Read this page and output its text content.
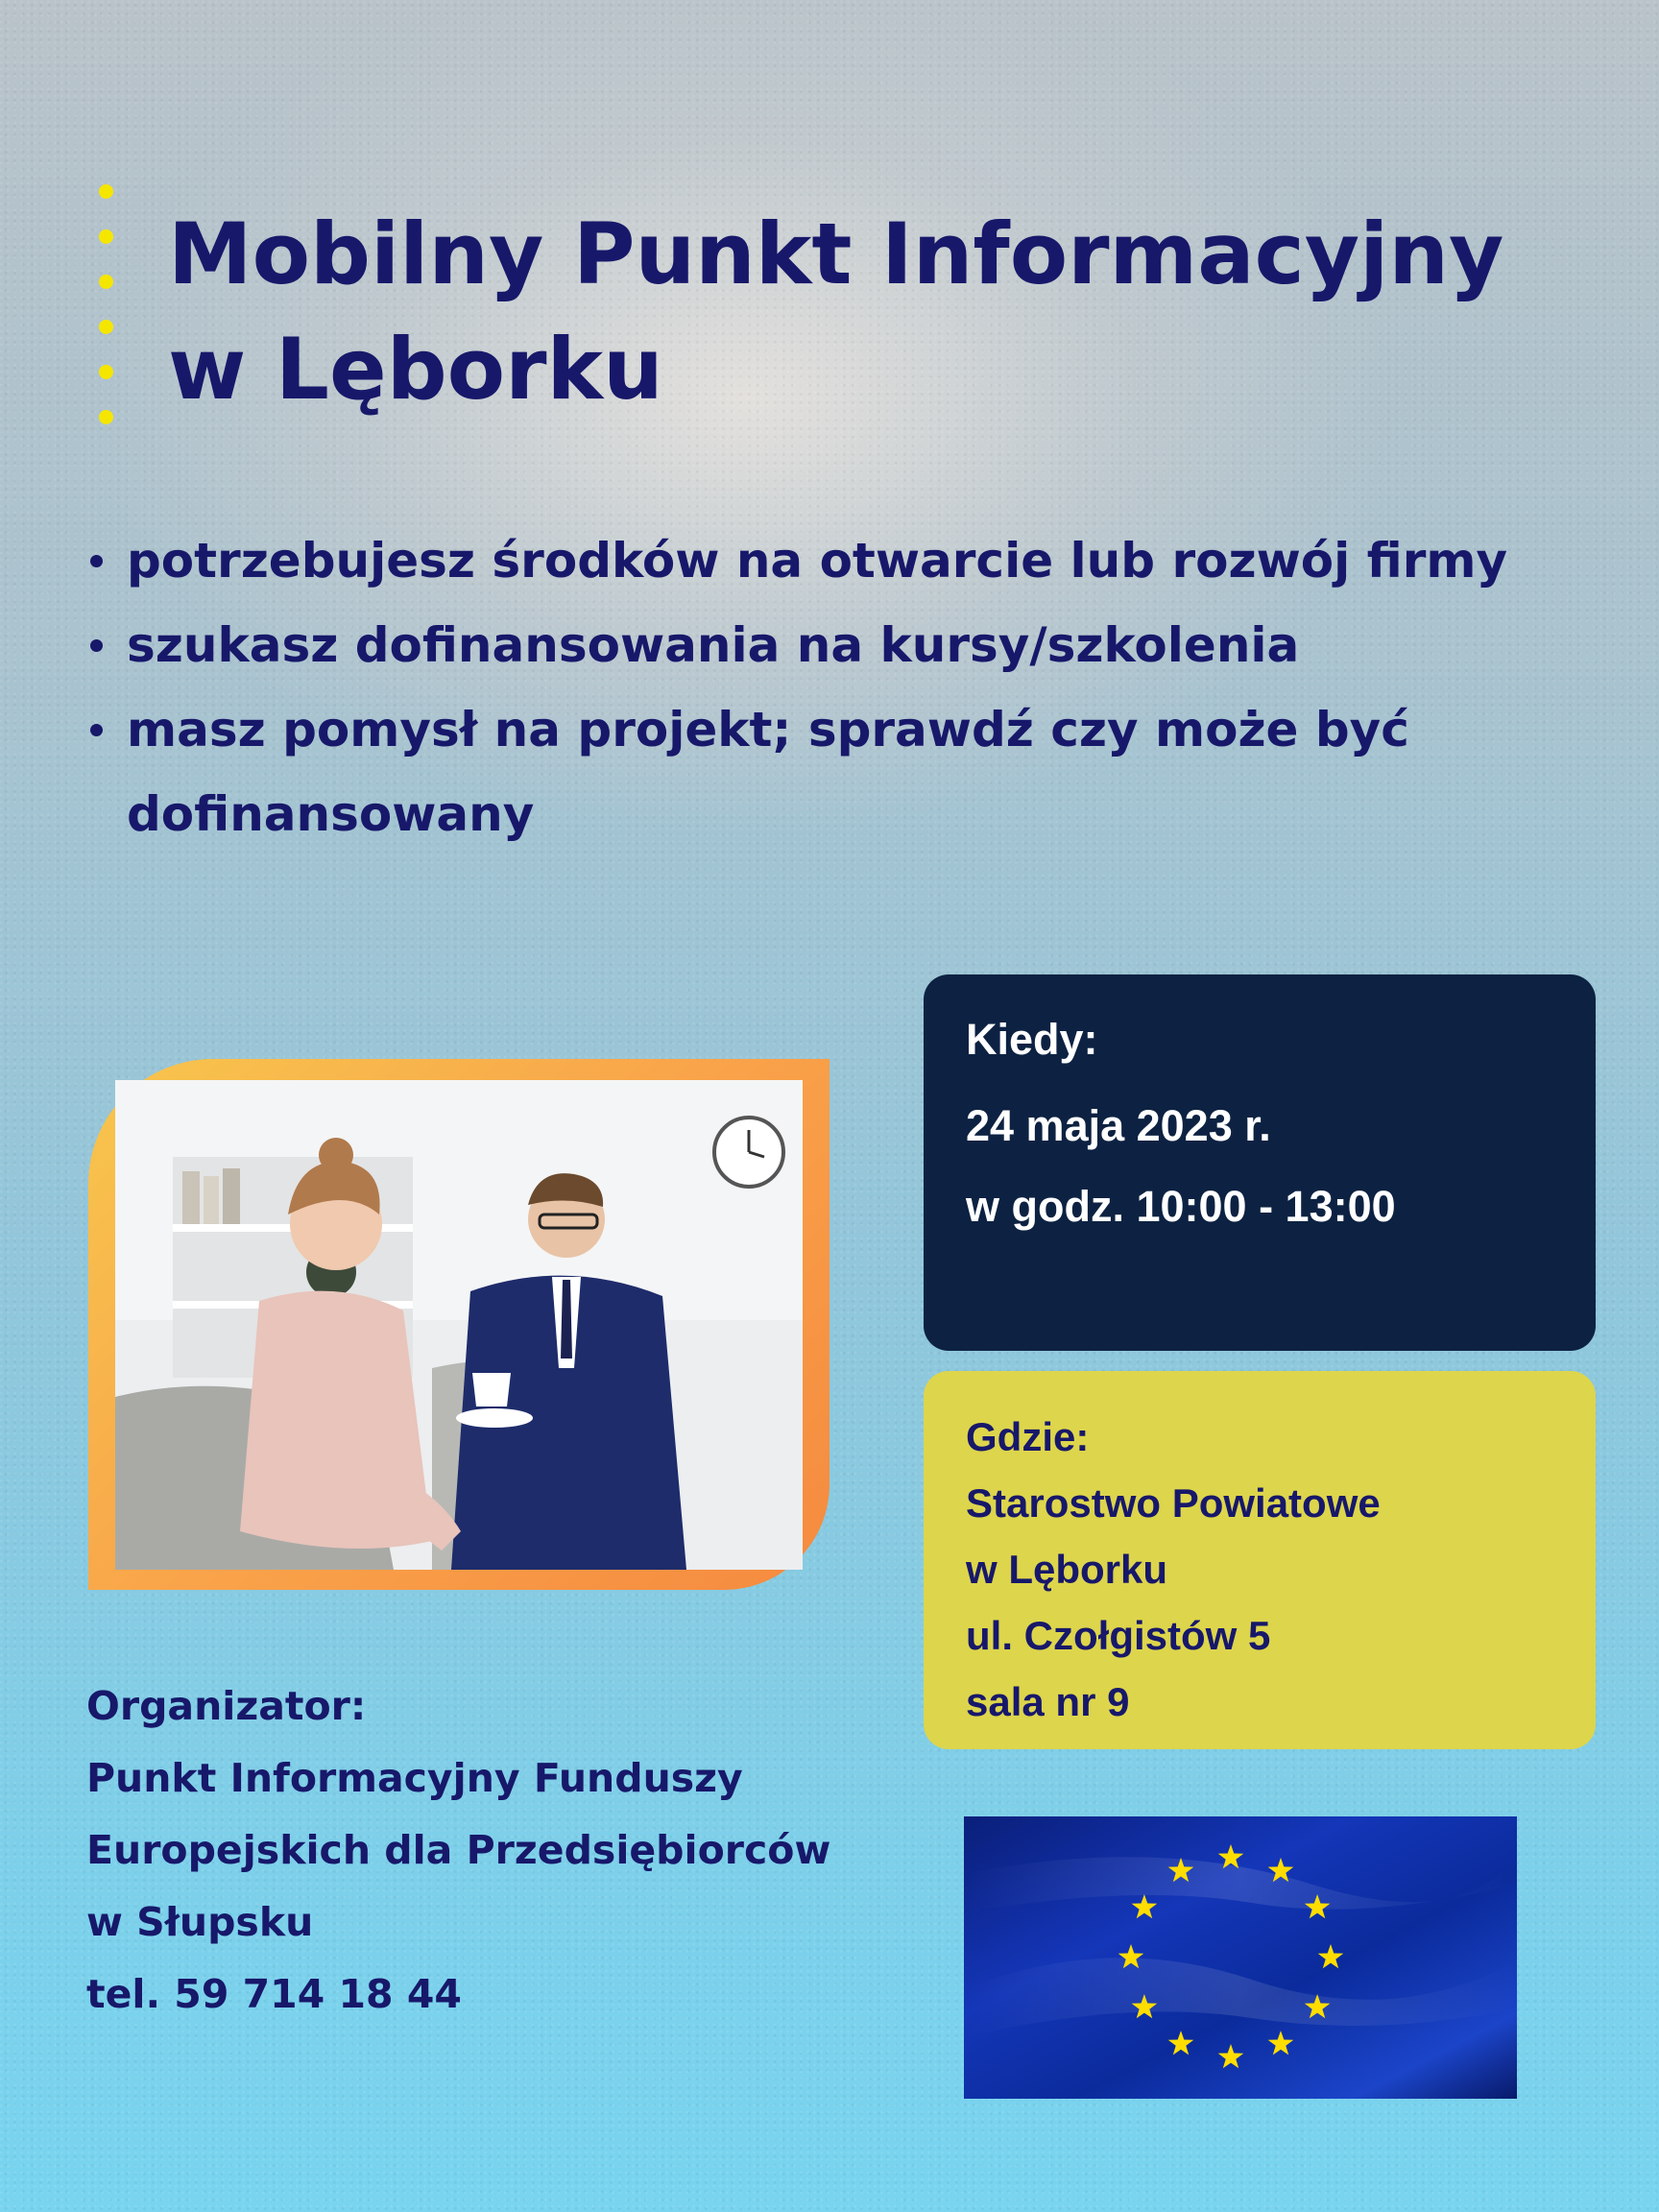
Mobilny Punkt Informacyjny
w Lęborku
potrzebujesz środków na otwarcie lub rozwój firmy
szukasz dofinansowania na kursy/szkolenia
masz pomysł na projekt; sprawdź czy może być dofinansowany
Kiedy:
24 maja 2023 r.
w godz. 10:00 - 13:00
Gdzie:
Starostwo Powiatowe
w Lęborku
ul. Czołgistów 5
sala nr 9
Organizator:
Punkt Informacyjny Funduszy
Europejskich dla Przedsiębiorców
w Słupsku
tel. 59 714 18 44
